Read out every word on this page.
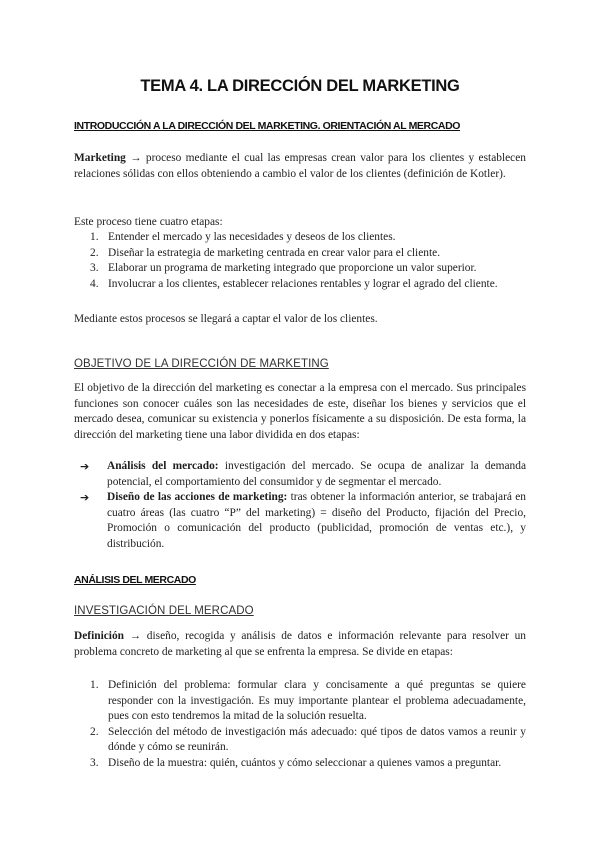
TEMA 4. LA DIRECCIÓN DEL MARKETING
INTRODUCCIÓN A LA DIRECCIÓN DEL MARKETING. ORIENTACIÓN AL MERCADO
Marketing → proceso mediante el cual las empresas crean valor para los clientes y establecen relaciones sólidas con ellos obteniendo a cambio el valor de los clientes (definición de Kotler).
Este proceso tiene cuatro etapas:
1. Entender el mercado y las necesidades y deseos de los clientes.
2. Diseñar la estrategia de marketing centrada en crear valor para el cliente.
3. Elaborar un programa de marketing integrado que proporcione un valor superior.
4. Involucrar a los clientes, establecer relaciones rentables y lograr el agrado del cliente.
Mediante estos procesos se llegará a captar el valor de los clientes.
OBJETIVO DE LA DIRECCIÓN DE MARKETING
El objetivo de la dirección del marketing es conectar a la empresa con el mercado. Sus principales funciones son conocer cuáles son las necesidades de este, diseñar los bienes y servicios que el mercado desea, comunicar su existencia y ponerlos físicamente a su disposición. De esta forma, la dirección del marketing tiene una labor dividida en dos etapas:
➔ Análisis del mercado: investigación del mercado. Se ocupa de analizar la demanda potencial, el comportamiento del consumidor y de segmentar el mercado.
➔ Diseño de las acciones de marketing: tras obtener la información anterior, se trabajará en cuatro áreas (las cuatro “P” del marketing) = diseño del Producto, fijación del Precio, Promoción o comunicación del producto (publicidad, promoción de ventas etc.), y distribución.
ANÁLISIS DEL MERCADO
INVESTIGACIÓN DEL MERCADO
Definición → diseño, recogida y análisis de datos e información relevante para resolver un problema concreto de marketing al que se enfrenta la empresa. Se divide en etapas:
1. Definición del problema: formular clara y concisamente a qué preguntas se quiere responder con la investigación. Es muy importante plantear el problema adecuadamente, pues con esto tendremos la mitad de la solución resuelta.
2. Selección del método de investigación más adecuado: qué tipos de datos vamos a reunir y dónde y cómo se reunirán.
3. Diseño de la muestra: quién, cuántos y cómo seleccionar a quienes vamos a preguntar.
